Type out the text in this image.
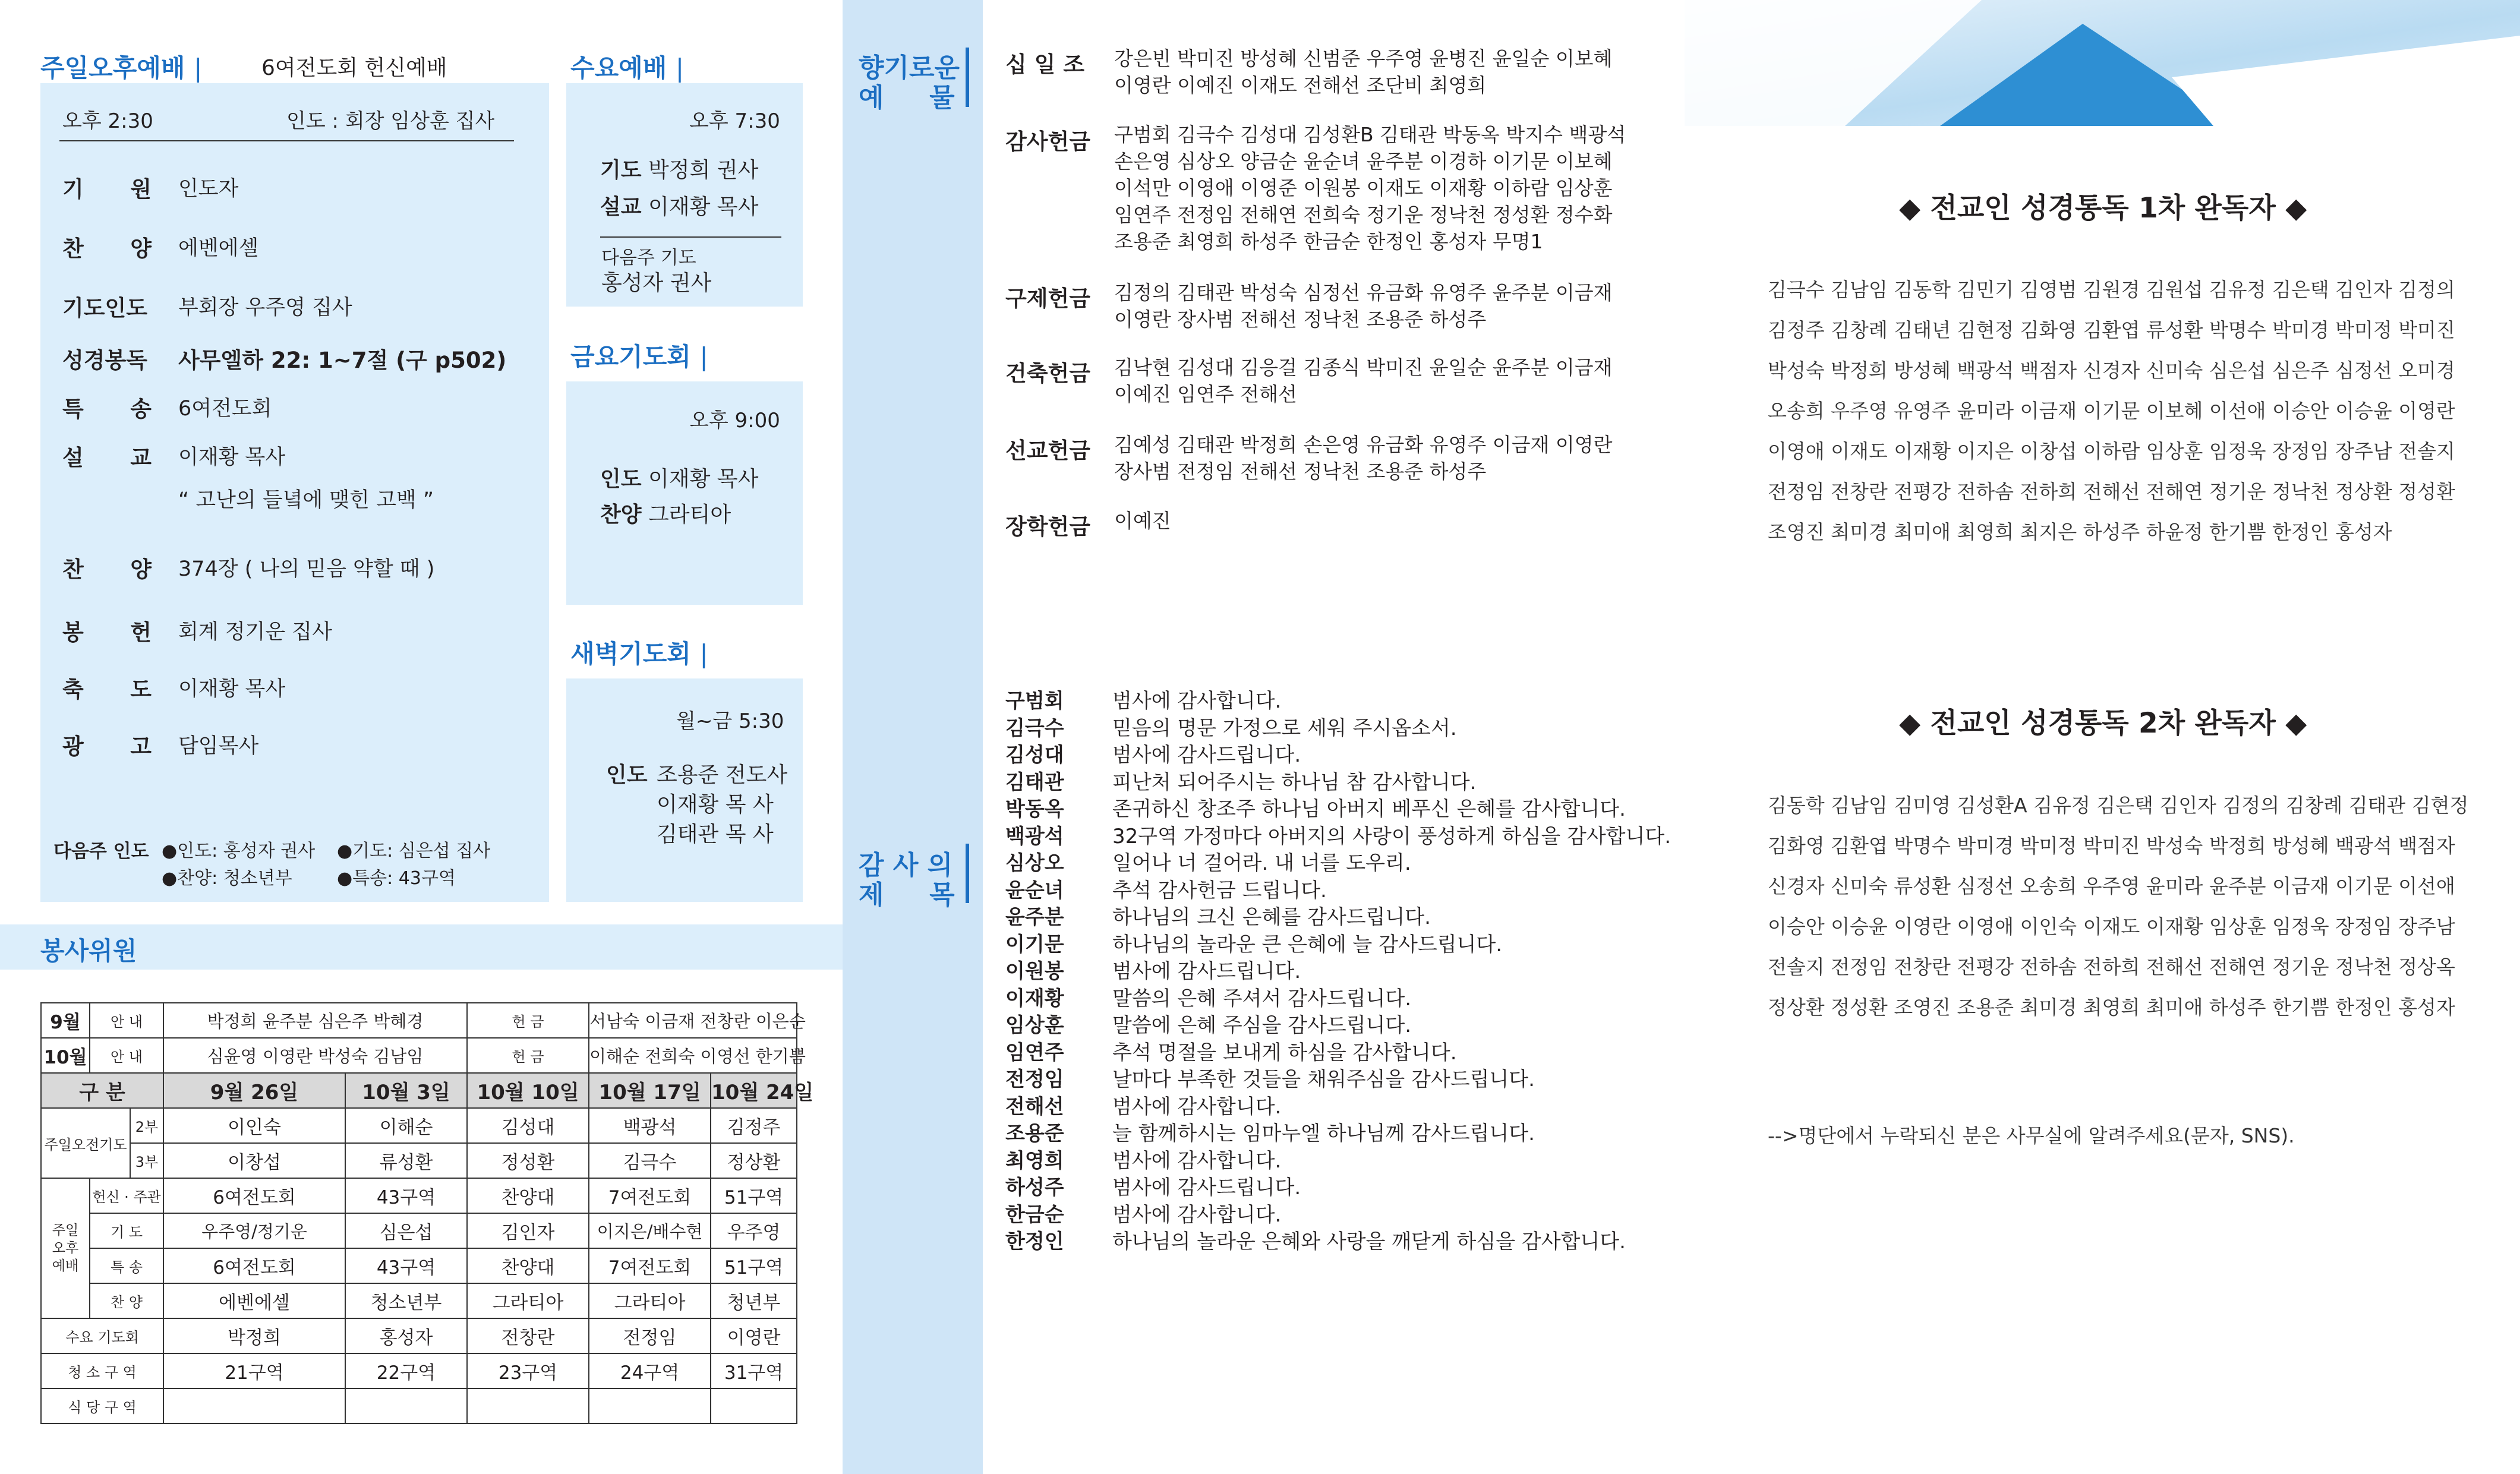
주일오후예배 |	6여전도회 헌신예배
오후 2:30	인도 : 회장 임상훈 집사
기 원 인도자
찬 양 에벤에셀
기도인도 부회장 우주영 집사
성경봉독 사무엘하 22: 1~7절 (구 p502)
특 송 6여전도회
설 교 이재황 목사
“ 고난의 들녘에 맺힌 고백 ”
찬 양 374장 ( 나의 믿음 약할 때 )
봉 헌 회계 정기운 집사
축 도 이재황 목사
광 고 담임목사
다음주 인도 ●인도: 홍성자 권사 ●기도: 심은섭 집사
●찬양: 청소년부	●특송: 43구역
수요예배 |
오후 7:30
기도 박정희 권사
설교 이재황 목사
다음주 기도
홍성자 권사
금요기도회 |
오후 9:00
인도 이재황 목사
찬양 그라티아
새벽기도회 |
월~금 5:30
인도 조용준 전도사
이재황 목 사
김태관 목 사
봉사위원
9월	안 내		박정희 윤주분 심은주 박혜경		헌 금	서남숙 이금재 전창란 이은순	
10월	안 내		심윤영 이영란 박성숙 김남임		헌 금	이해순 전희숙 이영선 한기쁨	
구 분			9월 26일	10월 3일	10월 10일	10월 17일	10월 24일
주일오전기도		2부	이인숙	이해순	김성대	백광석	김정주
		3부	이창섭	류성환	정성환	김극수	정상환
주일
오후
예배	헌신 · 주관		6여전도회	43구역	찬양대	7여전도회	51구역
	기 도		우주영/정기운	심은섭	김인자	이지은/배수현	우주영
	특 송		6여전도회	43구역	찬양대	7여전도회	51구역
	찬 양		에벤에셀	청소년부	그라티아	그라티아	청년부
수요 기도회			박정희	홍성자	전창란	전정임	이영란
청 소 구 역			21구역	22구역	23구역	24구역	31구역
식 당 구 역							
향기로운
예     물
감 사 의
제     목
십 일 조 강은빈 박미진 방성혜 신범준 우주영 윤병진 윤일순 이보혜
이영란 이예진 이재도 전해선 조단비 최영희
감사헌금 구범회 김극수 김성대 김성환B 김태관 박동옥 박지수 백광석
손은영 심상오 양금순 윤순녀 윤주분 이경하 이기문 이보혜
이석만 이영애 이영준 이원봉 이재도 이재황 이하람 임상훈
임연주 전정임 전해연 전희숙 정기운 정낙천 정성환 정수화
조용준 최영희 하성주 한금순 한정인 홍성자 무명1
구제헌금 김정의 김태관 박성숙 심정선 유금화 유영주 윤주분 이금재
이영란 장사범 전해선 정낙천 조용준 하성주
건축헌금 김낙현 김성대 김응걸 김종식 박미진 윤일순 윤주분 이금재
이예진 임연주 전해선
선교헌금 김예성 김태관 박정희 손은영 유금화 유영주 이금재 이영란
장사범 전정임 전해선 정낙천 조용준 하성주
장학헌금 이예진
구범회 범사에 감사합니다.
김극수 믿음의 명문 가정으로 세워 주시옵소서.
김성대 범사에 감사드립니다.
김태관 피난처 되어주시는 하나님 참 감사합니다.
박동옥 존귀하신 창조주 하나님 아버지 베푸신 은혜를 감사합니다.
백광석 32구역 가정마다 아버지의 사랑이 풍성하게 하심을 감사합니다.
심상오 일어나 너 걸어라. 내 너를 도우리.
윤순녀 추석 감사헌금 드립니다.
윤주분 하나님의 크신 은혜를 감사드립니다.
이기문 하나님의 놀라운 큰 은혜에 늘 감사드립니다.
이원봉 범사에 감사드립니다.
이재황 말씀의 은혜 주셔서 감사드립니다.
임상훈 말씀에 은혜 주심을 감사드립니다.
임연주 추석 명절을 보내게 하심을 감사합니다.
전정임 날마다 부족한 것들을 채워주심을 감사드립니다.
전해선 범사에 감사합니다.
조용준 늘 함께하시는 임마누엘 하나님께 감사드립니다.
최영희 범사에 감사합니다.
하성주 범사에 감사드립니다.
한금순 범사에 감사합니다.
한정인 하나님의 놀라운 은혜와 사랑을 깨닫게 하심을 감사합니다.
◆ 전교인 성경통독 1차 완독자 ◆
김극수 김남임 김동학 김민기 김영범 김원경 김원섭 김유정 김은택 김인자 김정의
김정주 김창례 김태년 김현정 김화영 김환엽 류성환 박명수 박미경 박미정 박미진
박성숙 박정희 방성혜 백광석 백점자 신경자 신미숙 심은섭 심은주 심정선 오미경
오송희 우주영 유영주 윤미라 이금재 이기문 이보혜 이선애 이승안 이승윤 이영란
이영애 이재도 이재황 이지은 이창섭 이하람 임상훈 임정욱 장정임 장주남 전솔지
전정임 전창란 전평강 전하솜 전하희 전해선 전해연 정기운 정낙천 정상환 정성환
조영진 최미경 최미애 최영희 최지은 하성주 하윤정 한기쁨 한정인 홍성자
◆ 전교인 성경통독 2차 완독자 ◆
김동학 김남임 김미영 김성환A 김유정 김은택 김인자 김정의 김창례 김태관 김현정
김화영 김환엽 박명수 박미경 박미정 박미진 박성숙 박정희 방성혜 백광석 백점자
신경자 신미숙 류성환 심정선 오송희 우주영 윤미라 윤주분 이금재 이기문 이선애
이승안 이승윤 이영란 이영애 이인숙 이재도 이재황 임상훈 임정욱 장정임 장주남
전솔지 전정임 전창란 전평강 전하솜 전하희 전해선 전해연 정기운 정낙천 정상옥
정상환 정성환 조영진 조용준 최미경 최영희 최미애 하성주 한기쁨 한정인 홍성자
-->명단에서 누락되신 분은 사무실에 알려주세요(문자, SNS).
